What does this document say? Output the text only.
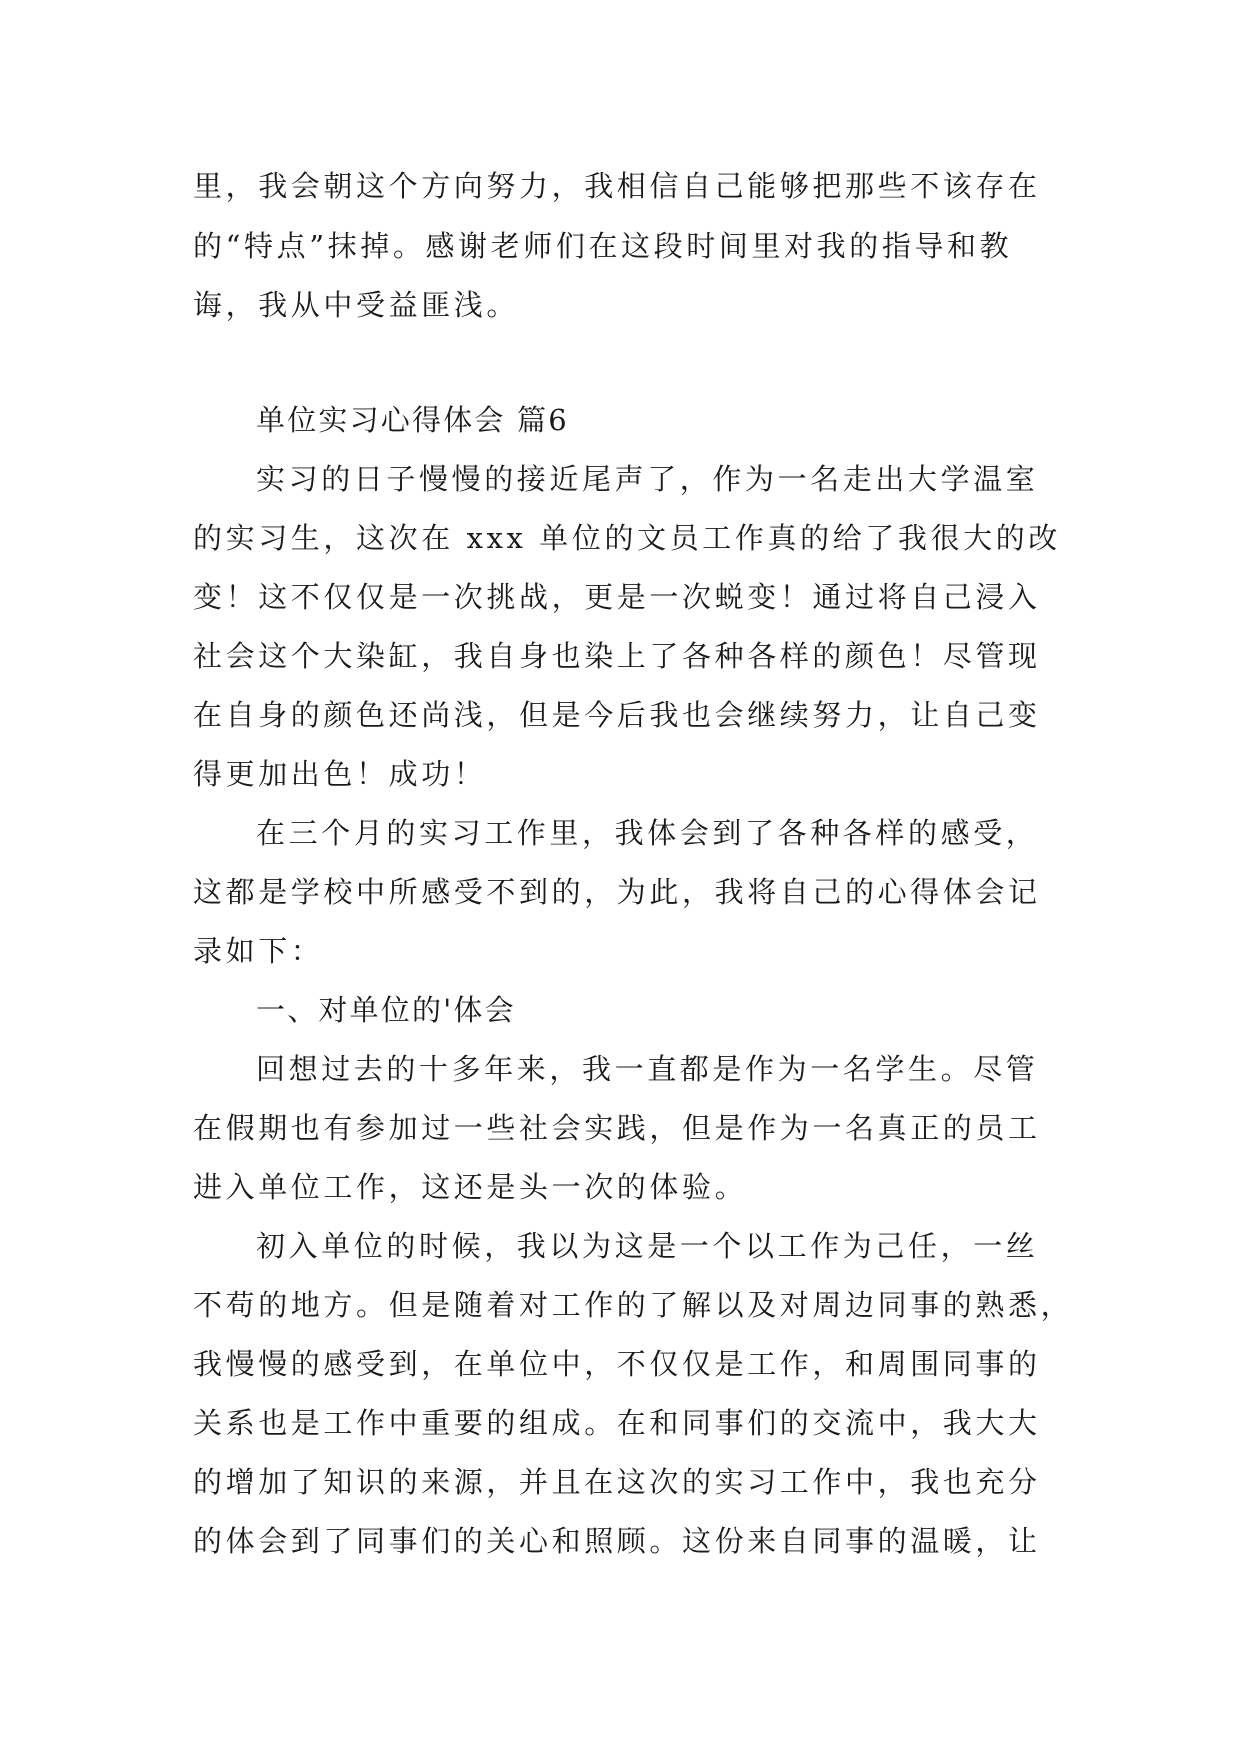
里，我会朝这个方向努力，我相信自己能够把那些不该存在
的“特点”抹掉。感谢老师们在这段时间里对我的指导和教
诲，我从中受益匪浅。
单位实习心得体会 篇6
实习的日子慢慢的接近尾声了，作为一名走出大学温室
的实习生，这次在 xxx 单位的文员工作真的给了我很大的改
变！这不仅仅是一次挑战，更是一次蜕变！通过将自己浸入
社会这个大染缸，我自身也染上了各种各样的颜色！尽管现
在自身的颜色还尚浅，但是今后我也会继续努力，让自己变
得更加出色！成功！
在三个月的实习工作里，我体会到了各种各样的感受，
这都是学校中所感受不到的，为此，我将自己的心得体会记
录如下：
一、对单位的'体会
回想过去的十多年来，我一直都是作为一名学生。尽管
在假期也有参加过一些社会实践，但是作为一名真正的员工
进入单位工作，这还是头一次的体验。
初入单位的时候，我以为这是一个以工作为己任，一丝
不苟的地方。但是随着对工作的了解以及对周边同事的熟悉，
我慢慢的感受到，在单位中，不仅仅是工作，和周围同事的
关系也是工作中重要的组成。在和同事们的交流中，我大大
的增加了知识的来源，并且在这次的实习工作中，我也充分
的体会到了同事们的关心和照顾。这份来自同事的温暖，让
